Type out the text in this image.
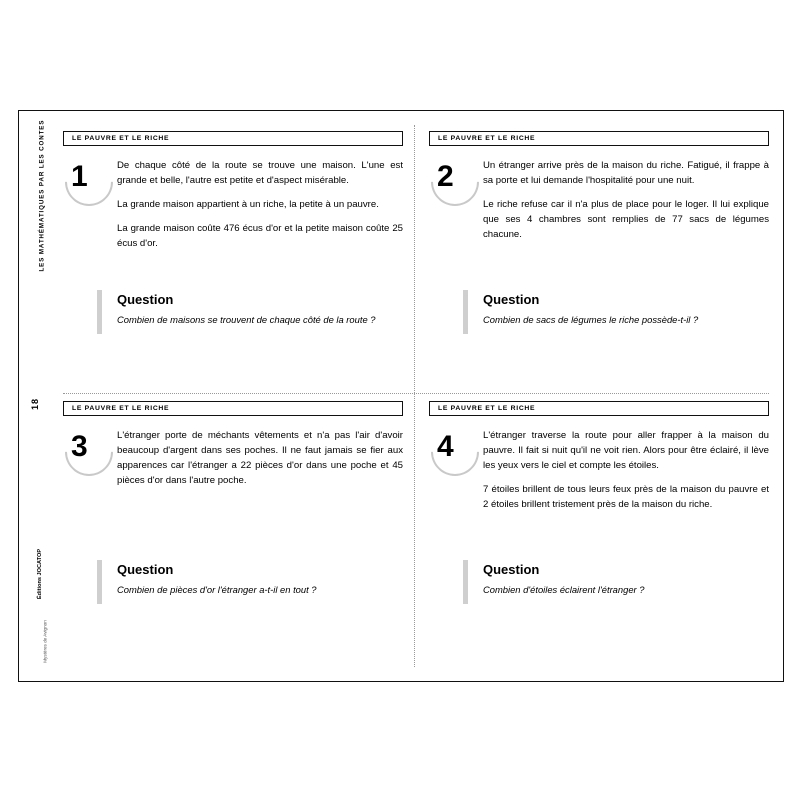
LES MATHÉMATIQUES PAR LES CONTES
18
Éditions JOCATOP
Mystères de Avignon
LE PAUVRE ET LE RICHE
1	De chaque côté de la route se trouve une maison. L'une est grande et belle, l'autre est petite et d'aspect misérable.

La grande maison appartient à un riche, la petite à un pauvre.

La grande maison coûte 476 écus d'or et la petite maison coûte 25 écus d'or.

Question

Combien de maisons se trouvent de chaque côté de la route ?

LE PAUVRE ET LE RICHE
2	Un étranger arrive près de la maison du riche. Fatigué, il frappe à sa porte et lui demande l'hospitalité pour une nuit.

Le riche refuse car il n'a plus de place pour le loger. Il lui explique que ses 4 chambres sont remplies de 77 sacs de légumes chacune.

Question

Combien de sacs de légumes le riche possède-t-il ?

LE PAUVRE ET LE RICHE
3	L'étranger porte de méchants vêtements et n'a pas l'air d'avoir beaucoup d'argent dans ses poches. Il ne faut jamais se fier aux apparences car l'étranger a 22 pièces d'or dans une poche et 45 pièces d'or dans l'autre poche.

Question

Combien de pièces d'or l'étranger a-t-il en tout ?

LE PAUVRE ET LE RICHE
4	L'étranger traverse la route pour aller frapper à la maison du pauvre. Il fait si nuit qu'il ne voit rien. Alors pour être éclairé, il lève les yeux vers le ciel et compte les étoiles.

7 étoiles brillent de tous leurs feux près de la maison du pauvre et 2 étoiles brillent tristement près de la maison du riche.

Question

Combien d'étoiles éclairent l'étranger ?
